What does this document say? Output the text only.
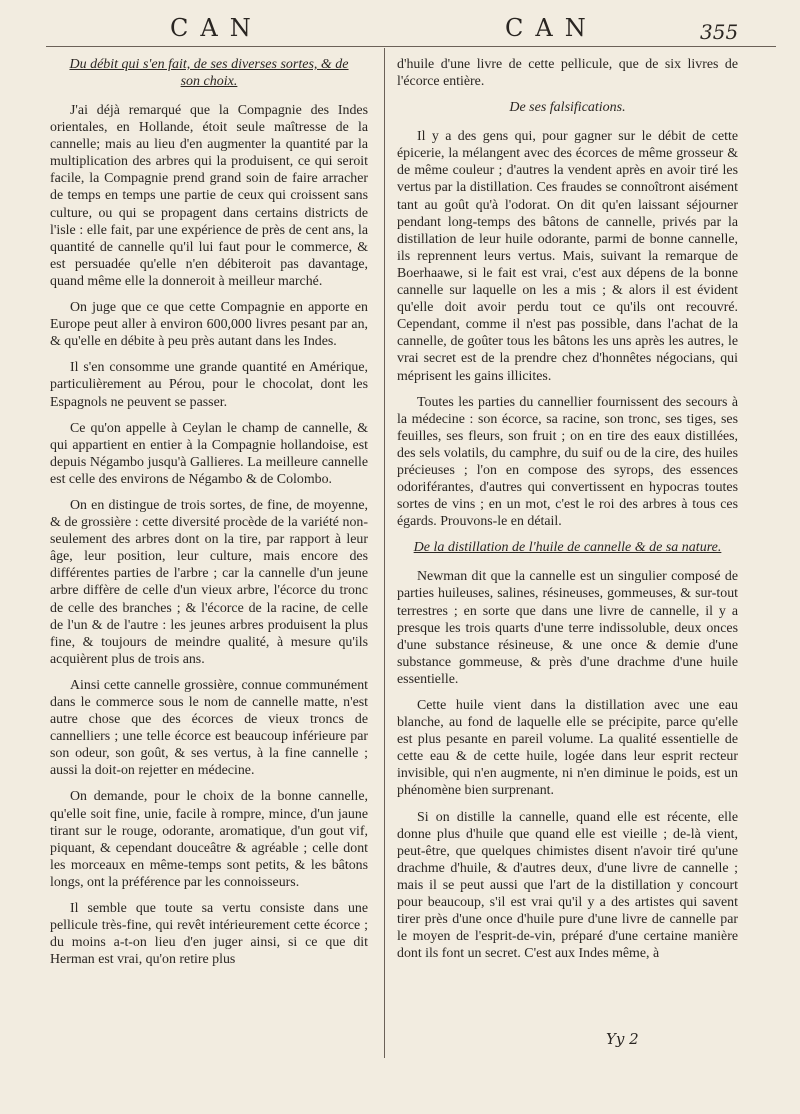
CAN	CAN	355
Du débit qui s'en fait, de ses diverses sortes, & de son choix.

J'ai déjà remarqué que la Compagnie des Indes orientales, en Hollande, étoit seule maîtresse de la cannelle; mais au lieu d'en augmenter la quantité par la multiplication des arbres qui la produisent, ce qui seroit facile, la Compagnie prend grand soin de faire arracher de temps en temps une partie de ceux qui croissent sans culture, ou qui se propagent dans certains districts de l'isle : elle fait, par une expérience de près de cent ans, la quantité de cannelle qu'il lui faut pour le commerce, & est persuadée qu'elle n'en débiteroit pas davantage, quand même elle la donneroit à meilleur marché.

On juge que ce que cette Compagnie en apporte en Europe peut aller à environ 600,000 livres pesant par an, & qu'elle en débite à peu près autant dans les Indes.

Il s'en consomme une grande quantité en Amérique, particulièrement au Pérou, pour le chocolat, dont les Espagnols ne peuvent se passer.

Ce qu'on appelle à Ceylan le champ de cannelle, & qui appartient en entier à la Compagnie hollandoise, est depuis Négambo jusqu'à Gallieres. La meilleure cannelle est celle des environs de Négambo & de Colombo.

On en distingue de trois sortes, de fine, de moyenne, & de grossière : cette diversité procède de la variété non-seulement des arbres dont on la tire, par rapport à leur âge, leur position, leur culture, mais encore des différentes parties de l'arbre ; car la cannelle d'un jeune arbre diffère de celle d'un vieux arbre, l'écorce du tronc de celle des branches ; & l'écorce de la racine, de celle de l'un & de l'autre : les jeunes arbres produisent la plus fine, & toujours de meindre qualité, à mesure qu'ils acquièrent plus de trois ans.

Ainsi cette cannelle grossière, connue communément dans le commerce sous le nom de cannelle matte, n'est autre chose que des écorces de vieux troncs de cannelliers ; une telle écorce est beaucoup inférieure par son odeur, son goût, & ses vertus, à la fine cannelle ; aussi la doit-on rejetter en médecine.

On demande, pour le choix de la bonne cannelle, qu'elle soit fine, unie, facile à rompre, mince, d'un jaune tirant sur le rouge, odorante, aromatique, d'un gout vif, piquant, & cependant douceâtre & agréable ; celle dont les morceaux en même-temps sont petits, & les bâtons longs, ont la préférence par les connoisseurs.

Il semble que toute sa vertu consiste dans une pellicule très-fine, qui revêt intérieurement cette écorce ; du moins a-t-on lieu d'en juger ainsi, si ce que dit Herman est vrai, qu'on retire plus

d'huile d'une livre de cette pellicule, que de six livres de l'écorce entière.

De ses falsifications.

Il y a des gens qui, pour gagner sur le débit de cette épicerie, la mélangent avec des écorces de même grosseur & de même couleur ; d'autres la vendent après en avoir tiré les vertus par la distillation. Ces fraudes se connoîtront aisément tant au goût qu'à l'odorat. On dit qu'en laissant séjourner pendant long-temps des bâtons de cannelle, privés par la distillation de leur huile odorante, parmi de bonne cannelle, ils reprennent leurs vertus. Mais, suivant la remarque de Boerhaawe, si le fait est vrai, c'est aux dépens de la bonne cannelle sur laquelle on les a mis ; & alors il est évident qu'elle doit avoir perdu tout ce qu'ils ont recouvré. Cependant, comme il n'est pas possible, dans l'achat de la cannelle, de goûter tous les bâtons les uns après les autres, le vrai secret est de la prendre chez d'honnêtes négocians, qui méprisent les gains illicites.

Toutes les parties du cannellier fournissent des secours à la médecine : son écorce, sa racine, son tronc, ses tiges, ses feuilles, ses fleurs, son fruit ; on en tire des eaux distillées, des sels volatils, du camphre, du suif ou de la cire, des huiles précieuses ; l'on en compose des syrops, des essences odoriférantes, d'autres qui convertissent en hypocras toutes sortes de vins ; en un mot, c'est le roi des arbres à tous ces égards. Prouvons-le en détail.

De la distillation de l'huile de cannelle & de sa nature.

Newman dit que la cannelle est un singulier composé de parties huileuses, salines, résineuses, gommeuses, & sur-tout terrestres ; en sorte que dans une livre de cannelle, il y a presque les trois quarts d'une terre indissoluble, deux onces d'une substance résineuse, & une once & demie d'une substance gommeuse, & près d'une drachme d'une huile essentielle.

Cette huile vient dans la distillation avec une eau blanche, au fond de laquelle elle se précipite, parce qu'elle est plus pesante en pareil volume. La qualité essentielle de cette eau & de cette huile, logée dans leur esprit recteur invisible, qui n'en augmente, ni n'en diminue le poids, est un phénomène bien surprenant.

Si on distille la cannelle, quand elle est récente, elle donne plus d'huile que quand elle est vieille ; de-là vient, peut-être, que quelques chimistes disent n'avoir tiré qu'une drachme d'huile, & d'autres deux, d'une livre de cannelle ; mais il se peut aussi que l'art de la distillation y concourt pour beaucoup, s'il est vrai qu'il y a des artistes qui savent tirer près d'une once d'huile pure d'une livre de cannelle par le moyen de l'esprit-de-vin, préparé d'une certaine manière dont ils font un secret. C'est aux Indes même, à

Yy 2
